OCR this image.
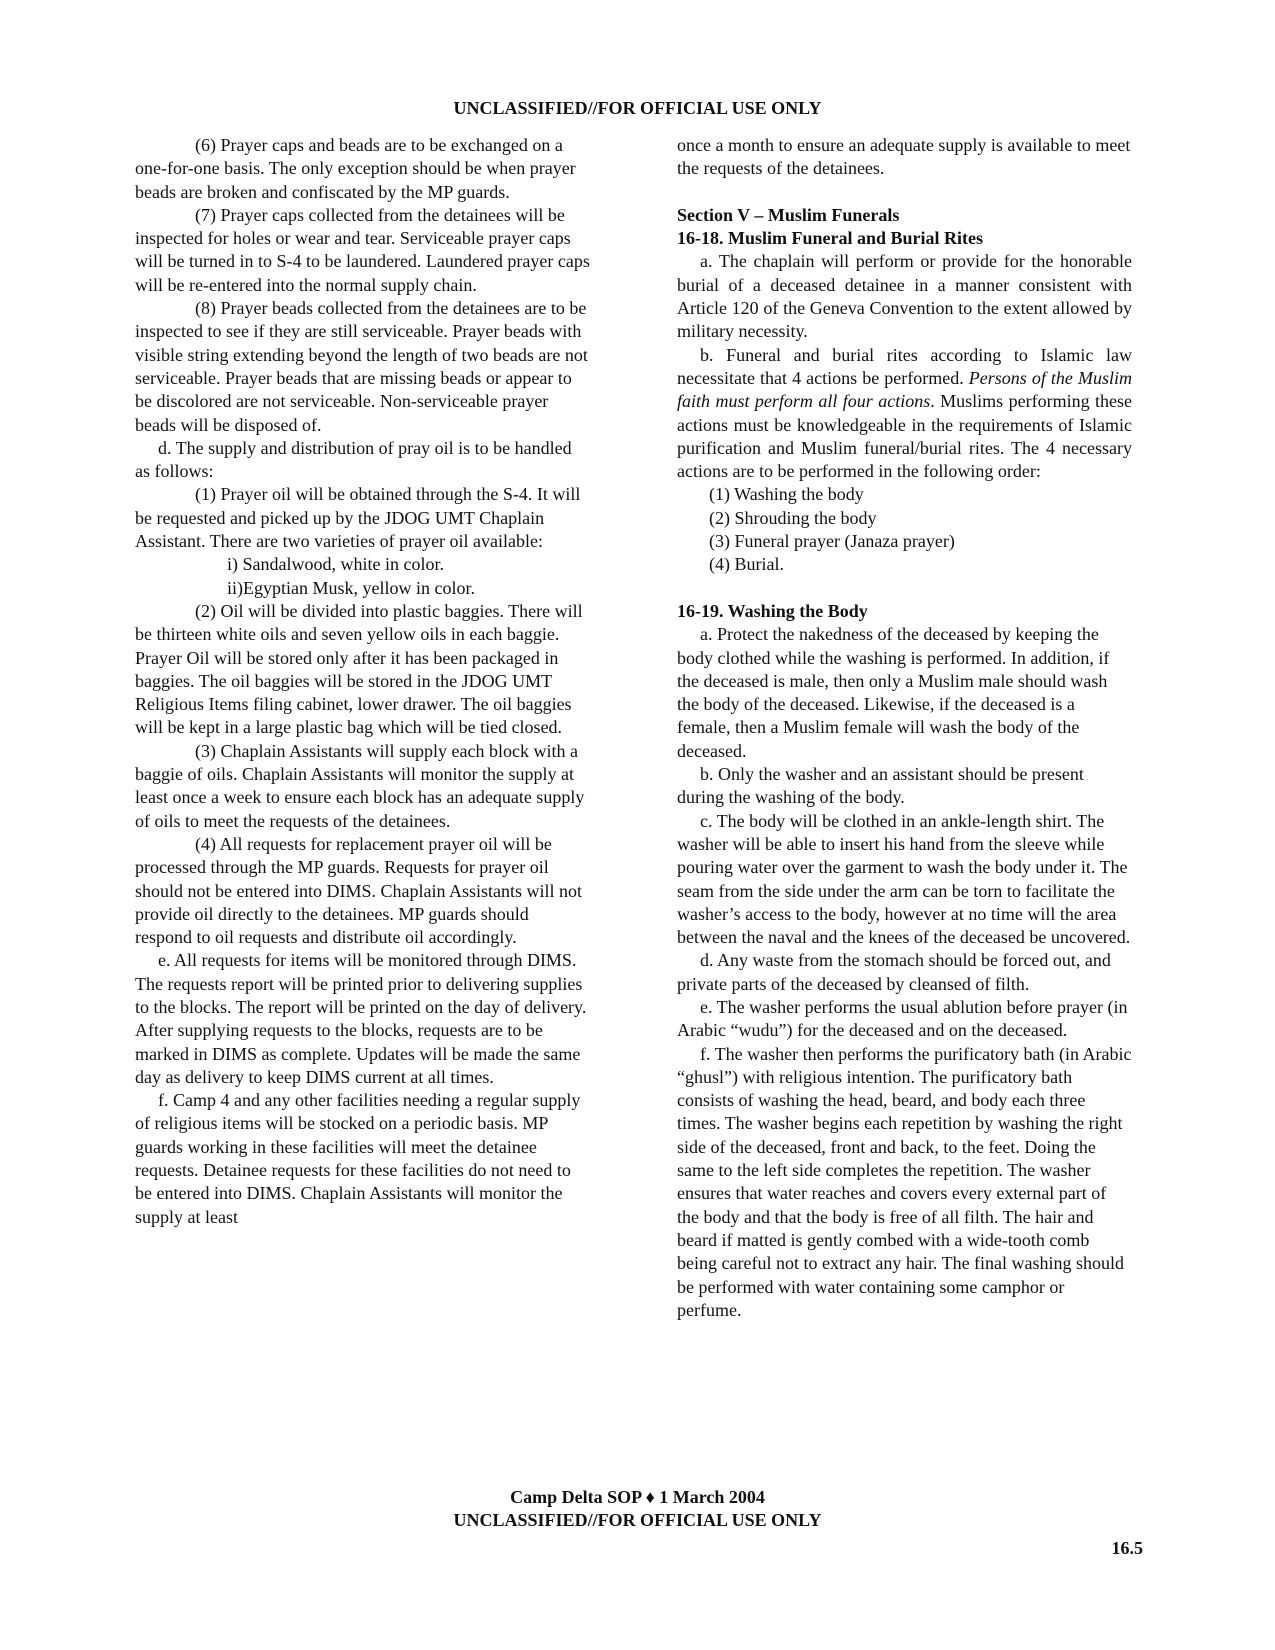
UNCLASSIFIED//FOR OFFICIAL USE ONLY

(6) Prayer caps and beads are to be exchanged on a one-for-one basis. The only exception should be when prayer beads are broken and confiscated by the MP guards.

(7) Prayer caps collected from the detainees will be inspected for holes or wear and tear. Serviceable prayer caps will be turned in to S-4 to be laundered. Laundered prayer caps will be re-entered into the normal supply chain.

(8) Prayer beads collected from the detainees are to be inspected to see if they are still serviceable. Prayer beads with visible string extending beyond the length of two beads are not serviceable. Prayer beads that are missing beads or appear to be discolored are not serviceable. Non-serviceable prayer beads will be disposed of.

d. The supply and distribution of pray oil is to be handled as follows:

(1) Prayer oil will be obtained through the S-4. It will be requested and picked up by the JDOG UMT Chaplain Assistant. There are two varieties of prayer oil available:

i) Sandalwood, white in color.

ii)Egyptian Musk, yellow in color.

(2) Oil will be divided into plastic baggies. There will be thirteen white oils and seven yellow oils in each baggie. Prayer Oil will be stored only after it has been packaged in baggies. The oil baggies will be stored in the JDOG UMT Religious Items filing cabinet, lower drawer. The oil baggies will be kept in a large plastic bag which will be tied closed.

(3) Chaplain Assistants will supply each block with a baggie of oils. Chaplain Assistants will monitor the supply at least once a week to ensure each block has an adequate supply of oils to meet the requests of the detainees.

(4) All requests for replacement prayer oil will be processed through the MP guards. Requests for prayer oil should not be entered into DIMS. Chaplain Assistants will not provide oil directly to the detainees. MP guards should respond to oil requests and distribute oil accordingly.

e. All requests for items will be monitored through DIMS. The requests report will be printed prior to delivering supplies to the blocks. The report will be printed on the day of delivery. After supplying requests to the blocks, requests are to be marked in DIMS as complete. Updates will be made the same day as delivery to keep DIMS current at all times.

f. Camp 4 and any other facilities needing a regular supply of religious items will be stocked on a periodic basis. MP guards working in these facilities will meet the detainee requests. Detainee requests for these facilities do not need to be entered into DIMS. Chaplain Assistants will monitor the supply at least

once a month to ensure an adequate supply is available to meet the requests of the detainees.

Section V – Muslim Funerals

16-18. Muslim Funeral and Burial Rites

a. The chaplain will perform or provide for the honorable burial of a deceased detainee in a manner consistent with Article 120 of the Geneva Convention to the extent allowed by military necessity.

b. Funeral and burial rites according to Islamic law necessitate that 4 actions be performed. Persons of the Muslim faith must perform all four actions. Muslims performing these actions must be knowledgeable in the requirements of Islamic purification and Muslim funeral/burial rites. The 4 necessary actions are to be performed in the following order:

(1) Washing the body

(2) Shrouding the body

(3) Funeral prayer (Janaza prayer)

(4) Burial.

16-19. Washing the Body

a. Protect the nakedness of the deceased by keeping the body clothed while the washing is performed. In addition, if the deceased is male, then only a Muslim male should wash the body of the deceased. Likewise, if the deceased is a female, then a Muslim female will wash the body of the deceased.

b. Only the washer and an assistant should be present during the washing of the body.

c. The body will be clothed in an ankle-length shirt. The washer will be able to insert his hand from the sleeve while pouring water over the garment to wash the body under it. The seam from the side under the arm can be torn to facilitate the washer’s access to the body, however at no time will the area between the naval and the knees of the deceased be uncovered.

d. Any waste from the stomach should be forced out, and private parts of the deceased by cleansed of filth.

e. The washer performs the usual ablution before prayer (in Arabic “wudu”) for the deceased and on the deceased.

f. The washer then performs the purificatory bath (in Arabic “ghusl”) with religious intention. The purificatory bath consists of washing the head, beard, and body each three times. The washer begins each repetition by washing the right side of the deceased, front and back, to the feet. Doing the same to the left side completes the repetition. The washer ensures that water reaches and covers every external part of the body and that the body is free of all filth. The hair and beard if matted is gently combed with a wide-tooth comb being careful not to extract any hair. The final washing should be performed with water containing some camphor or perfume.

Camp Delta SOP ♦ 1 March 2004
UNCLASSIFIED//FOR OFFICIAL USE ONLY
16.5
